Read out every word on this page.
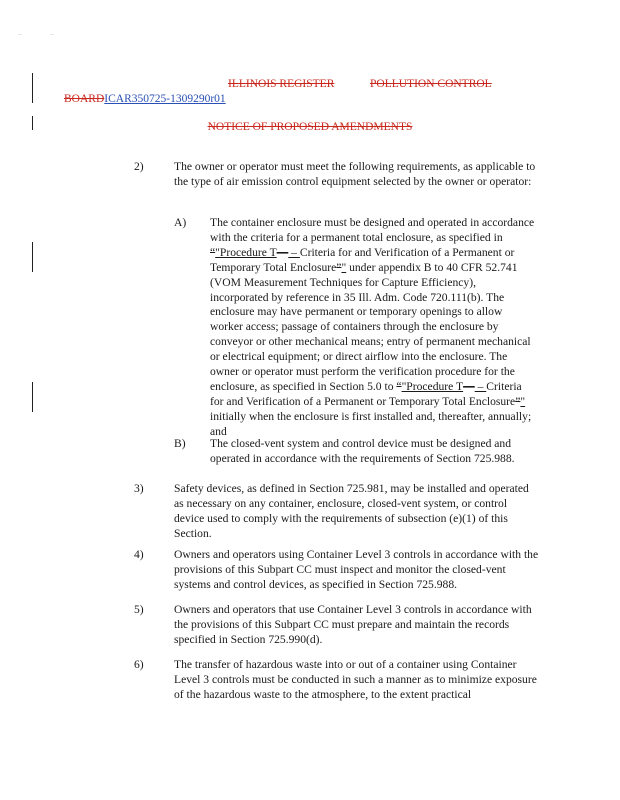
–	–
ILLINOIS REGISTER	POLLUTION CONTROL
BOARDICAR350725-1309290r01
NOTICE OF PROPOSED AMENDMENTS
2)	The owner or operator must meet the following requirements, as applicable to the type of air emission control equipment selected by the owner or operator:
A) The container enclosure must be designed and operated in accordance with the criteria for a permanent total enclosure, as specified in “"Procedure T— – Criteria for and Verification of a Permanent or Temporary Total Enclosure”" under appendix B to 40 CFR 52.741 (VOM Measurement Techniques for Capture Efficiency), incorporated by reference in 35 Ill. Adm. Code 720.111(b). The enclosure may have permanent or temporary openings to allow worker access; passage of containers through the enclosure by conveyor or other mechanical means; entry of permanent mechanical or electrical equipment; or direct airflow into the enclosure. The owner or operator must perform the verification procedure for the enclosure, as specified in Section 5.0 to “"Procedure T— – Criteria for and Verification of a Permanent or Temporary Total Enclosure”" initially when the enclosure is first installed and, thereafter, annually; and
B) The closed-vent system and control device must be designed and operated in accordance with the requirements of Section 725.988.
3)	Safety devices, as defined in Section 725.981, may be installed and operated as necessary on any container, enclosure, closed-vent system, or control device used to comply with the requirements of subsection (e)(1) of this Section.
4)	Owners and operators using Container Level 3 controls in accordance with the provisions of this Subpart CC must inspect and monitor the closed-vent systems and control devices, as specified in Section 725.988.
5)	Owners and operators that use Container Level 3 controls in accordance with the provisions of this Subpart CC must prepare and maintain the records specified in Section 725.990(d).
6)	The transfer of hazardous waste into or out of a container using Container Level 3 controls must be conducted in such a manner as to minimize exposure of the hazardous waste to the atmosphere, to the extent practical
